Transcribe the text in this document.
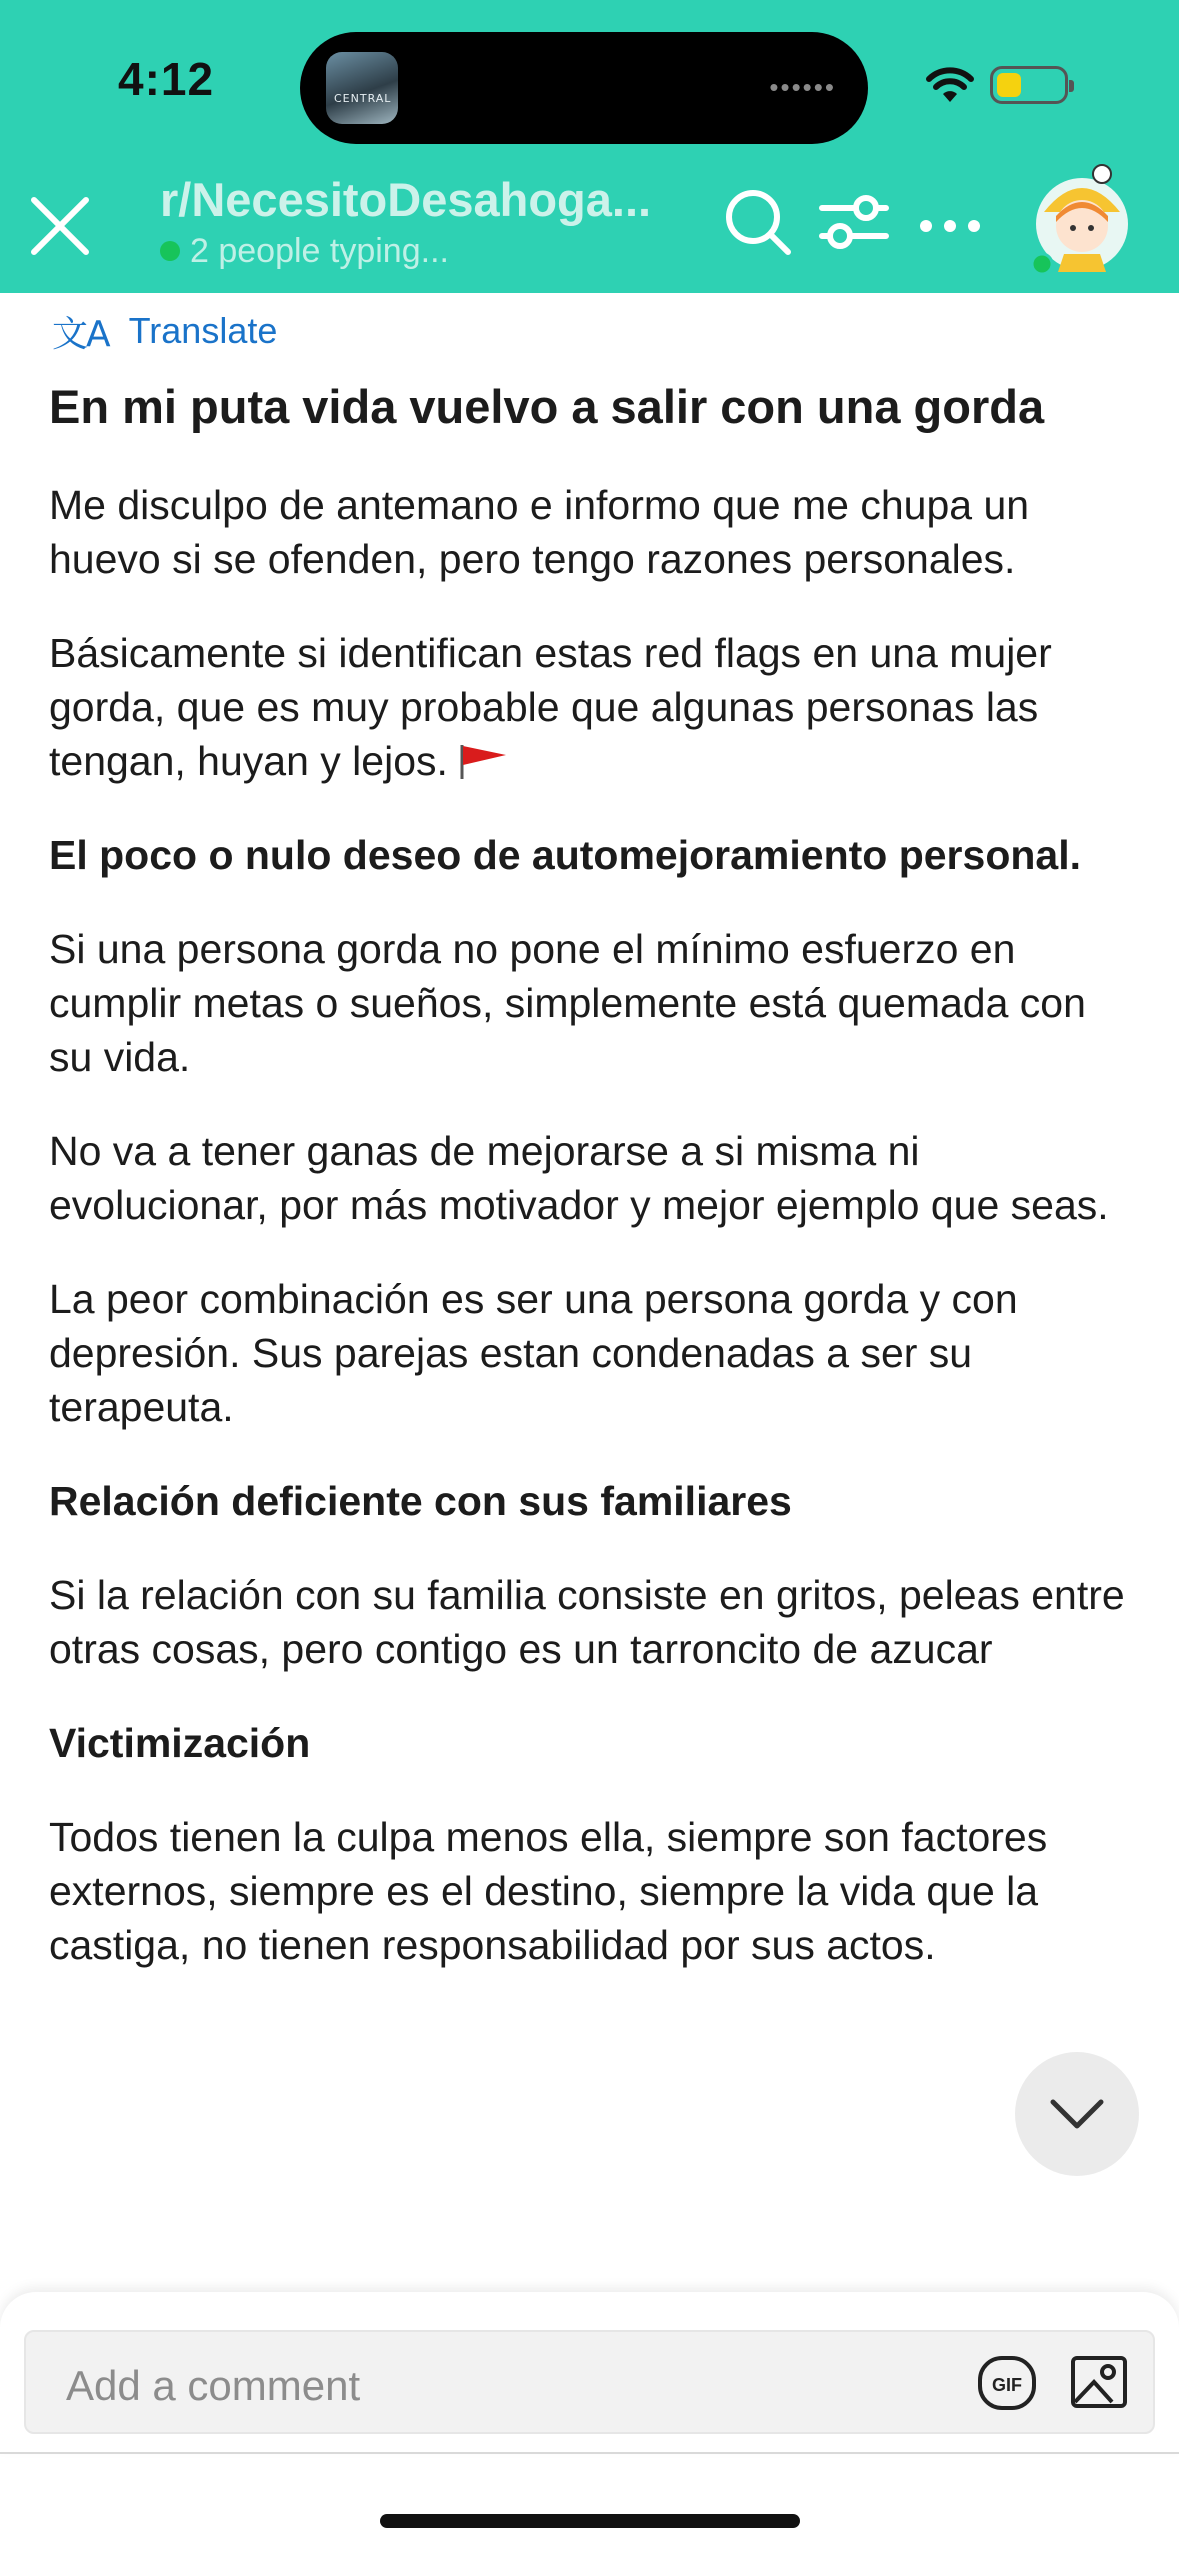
4:12	CENTRAL	••••••
r/NecesitoDesahoga...
2 people typing...
文A Translate
En mi puta vida vuelvo a salir con una gorda

Me disculpo de antemano e informo que me chupa un huevo si se ofenden, pero tengo razones personales.

Básicamente si identifican estas red flags en una mujer gorda, que es muy probable que algunas personas las tengan, huyan y lejos.

El poco o nulo deseo de automejoramiento personal.

Si una persona gorda no pone el mínimo esfuerzo en cumplir metas o sueños, simplemente está quemada con su vida.

No va a tener ganas de mejorarse a si misma ni evolucionar, por más motivador y mejor ejemplo que seas.

La peor combinación es ser una persona gorda y con depresión. Sus parejas estan condenadas a ser su terapeuta.

Relación deficiente con sus familiares

Si la relación con su familia consiste en gritos, peleas entre otras cosas, pero contigo es un tarroncito de azucar

Victimización

Todos tienen la culpa menos ella, siempre son factores externos, siempre es el destino, siempre la vida que la castiga, no tienen responsabilidad por sus actos.

Add a comment	GIF
